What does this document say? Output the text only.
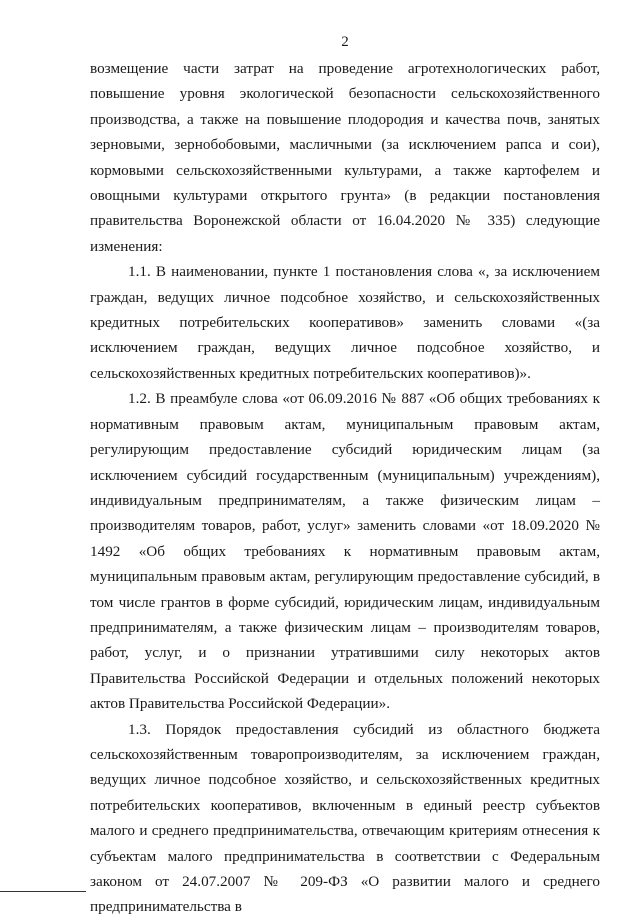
2

возмещение части затрат на проведение агротехнологических работ, повышение уровня экологической безопасности сельскохозяйственного производства, а также на повышение плодородия и качества почв, занятых зерновыми, зернобобовыми, масличными (за исключением рапса и сои), кормовыми сельскохозяйственными культурами, а также картофелем и овощными культурами открытого грунта» (в редакции постановления правительства Воронежской области от 16.04.2020 № 335) следующие изменения:

1.1. В наименовании, пункте 1 постановления слова «, за исключением граждан, ведущих личное подсобное хозяйство, и сельскохозяйственных кредитных потребительских кооперативов» заменить словами «(за исключением граждан, ведущих личное подсобное хозяйство, и сельскохозяйственных кредитных потребительских кооперативов)».

1.2. В преамбуле слова «от 06.09.2016 № 887 «Об общих требованиях к нормативным правовым актам, муниципальным правовым актам, регулирующим предоставление субсидий юридическим лицам (за исключением субсидий государственным (муниципальным) учреждениям), индивидуальным предпринимателям, а также физическим лицам – производителям товаров, работ, услуг» заменить словами «от 18.09.2020 № 1492 «Об общих требованиях к нормативным правовым актам, муниципальным правовым актам, регулирующим предоставление субсидий, в том числе грантов в форме субсидий, юридическим лицам, индивидуальным предпринимателям, а также физическим лицам – производителям товаров, работ, услуг, и о признании утратившими силу некоторых актов Правительства Российской Федерации и отдельных положений некоторых актов Правительства Российской Федерации».

1.3. Порядок предоставления субсидий из областного бюджета сельскохозяйственным товаропроизводителям, за исключением граждан, ведущих личное подсобное хозяйство, и сельскохозяйственных кредитных потребительских кооперативов, включенным в единый реестр субъектов малого и среднего предпринимательства, отвечающим критериям отнесения к субъектам малого предпринимательства в соответствии с Федеральным законом от 24.07.2007 № 209-ФЗ «О развитии малого и среднего предпринимательства в
